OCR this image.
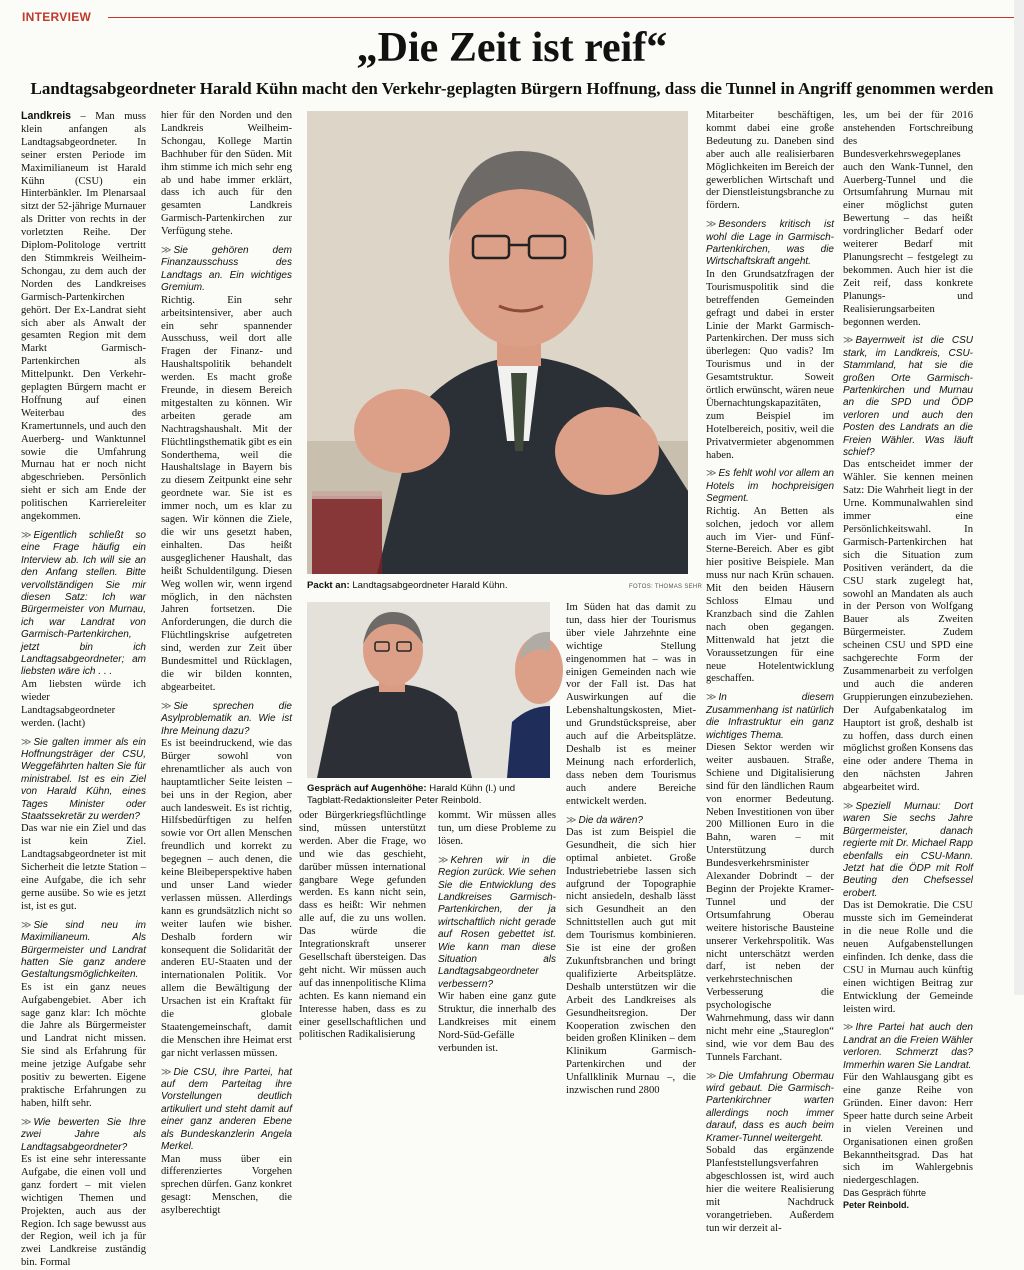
INTERVIEW
„Die Zeit ist reif“
Landtagsabgeordneter Harald Kühn macht den Verkehr-geplagten Bürgern Hoffnung, dass die Tunnel in Angriff genommen werden

Landkreis – Man muss klein anfangen als Landtagsabgeordneter. In seiner ersten Periode im Maximilianeum ist Harald Kühn (CSU) ein Hinterbänkler. Im Plenarsaal sitzt der 52-jährige Murnauer als Dritter von rechts in der vorletzten Reihe. Der Diplom-Politologe vertritt den Stimmkreis Weilheim-Schongau, zu dem auch der Norden des Landkreises Garmisch-Partenkirchen gehört. Der Ex-Landrat sieht sich aber als Anwalt der gesamten Region mit dem Markt Garmisch-Partenkirchen als Mittelpunkt. Den Verkehr-geplagten Bürgern macht er Hoffnung auf einen Weiterbau des Kramertunnels, und auch den Auerberg- und Wanktunnel sowie die Umfahrung Murnau hat er noch nicht abgeschrieben. Persönlich sieht er sich am Ende der politischen Karriereleiter angekommen.

≫ Eigentlich schließt so eine Frage häufig ein Interview ab. Ich will sie an den Anfang stellen. Bitte vervollständigen Sie mir diesen Satz: Ich war Bürgermeister von Murnau, ich war Landrat von Garmisch-Partenkirchen, jetzt bin ich Landtagsabgeordneter; am liebsten wäre ich . . .

Am liebsten würde ich wieder Landtagsabgeordneter werden. (lacht)

≫ Sie galten immer als ein Hoffnungsträger der CSU, Weggefährten halten Sie für ministrabel. Ist es ein Ziel von Harald Kühn, eines Tages Minister oder Staatssekretär zu werden?

Das war nie ein Ziel und das ist kein Ziel. Landtagsabgeordneter ist mit Sicherheit die letzte Station – eine Aufgabe, die ich sehr gerne ausübe. So wie es jetzt ist, ist es gut.

≫ Sie sind neu im Maximilianeum. Als Bürgermeister und Landrat hatten Sie ganz andere Gestaltungsmöglichkeiten.

Es ist ein ganz neues Aufgabengebiet. Aber ich sage ganz klar: Ich möchte die Jahre als Bürgermeister und Landrat nicht missen. Sie sind als Erfahrung für meine jetzige Aufgabe sehr positiv zu bewerten. Eigene praktische Erfahrungen zu haben, hilft sehr.

≫ Wie bewerten Sie Ihre zwei Jahre als Landtagsabgeordneter?

Es ist eine sehr interessante Aufgabe, die einen voll und ganz fordert – mit vielen wichtigen Themen und Projekten, auch aus der Region. Ich sage bewusst aus der Region, weil ich ja für zwei Landkreise zuständig bin. Formal

hier für den Norden und den Landkreis Weilheim-Schongau, Kollege Martin Bachhuber für den Süden. Mit ihm stimme ich mich sehr eng ab und habe immer erklärt, dass ich auch für den gesamten Landkreis Garmisch-Partenkirchen zur Verfügung stehe.

≫ Sie gehören dem Finanzausschuss des Landtags an. Ein wichtiges Gremium.

Richtig. Ein sehr arbeitsintensiver, aber auch ein sehr spannender Ausschuss, weil dort alle Fragen der Finanz- und Haushaltspolitik behandelt werden. Es macht große Freunde, in diesem Bereich mitgestalten zu können. Wir arbeiten gerade am Nachtragshaushalt. Mit der Flüchtlingsthematik gibt es ein Sonderthema, weil die Haushaltslage in Bayern bis zu diesem Zeitpunkt eine sehr geordnete war. Sie ist es immer noch, um es klar zu sagen. Wir können die Ziele, die wir uns gesetzt haben, einhalten. Das heißt ausgeglichener Haushalt, das heißt Schuldentilgung. Diesen Weg wollen wir, wenn irgend möglich, in den nächsten Jahren fortsetzen. Die Anforderungen, die durch die Flüchtlingskrise aufgetreten sind, werden zur Zeit über Bundesmittel und Rücklagen, die wir bilden konnten, abgearbeitet.

≫ Sie sprechen die Asylproblematik an. Wie ist Ihre Meinung dazu?

Es ist beeindruckend, wie das Bürger sowohl von ehrenamtlicher als auch von hauptamtlicher Seite leisten – bei uns in der Region, aber auch landesweit. Es ist richtig, Hilfsbedürftigen zu helfen sowie vor Ort allen Menschen freundlich und korrekt zu begegnen – auch denen, die keine Bleibeperspektive haben und unser Land wieder verlassen müssen. Allerdings kann es grundsätzlich nicht so weiter laufen wie bisher. Deshalb fordern wir konsequent die Solidarität der anderen EU-Staaten und der internationalen Politik. Vor allem die Bewältigung der Ursachen ist ein Kraftakt für die globale Staatengemeinschaft, damit die Menschen ihre Heimat erst gar nicht verlassen müssen.

≫ Die CSU, ihre Partei, hat auf dem Parteitag ihre Vorstellungen deutlich artikuliert und steht damit auf einer ganz anderen Ebene als Bundeskanzlerin Angela Merkel.

Man muss über ein differenziertes Vorgehen sprechen dürfen. Ganz konkret gesagt: Menschen, die asylberechtigt

Packt an: Landtagsabgeordneter Harald Kühn.	FOTOS: THOMAS SEHR
Gespräch auf Augenhöhe: Harald Kühn (l.) und Tagblatt-Redaktionsleiter Peter Reinbold.

oder Bürgerkriegsflüchtlinge sind, müssen unterstützt werden. Aber die Frage, wo und wie das geschieht, darüber müssen international gangbare Wege gefunden werden. Es kann nicht sein, dass es heißt: Wir nehmen alle auf, die zu uns wollen. Das würde die Integrationskraft unserer Gesellschaft übersteigen. Das geht nicht. Wir müssen auch auf das innenpolitische Klima achten. Es kann niemand ein Interesse haben, dass es zu einer gesellschaftlichen und politischen Radikalisierung

kommt. Wir müssen alles tun, um diese Probleme zu lösen.

≫ Kehren wir in die Region zurück. Wie sehen Sie die Entwicklung des Landkreises Garmisch-Partenkirchen, der ja wirtschaftlich nicht gerade auf Rosen gebettet ist. Wie kann man diese Situation als Landtagsabgeordneter verbessern?

Wir haben eine ganz gute Struktur, die innerhalb des Landkreises mit einem Nord-Süd-Gefälle verbunden ist.

Im Süden hat das damit zu tun, dass hier der Tourismus über viele Jahrzehnte eine wichtige Stellung eingenommen hat – was in einigen Gemeinden nach wie vor der Fall ist. Das hat Auswirkungen auf die Lebenshaltungskosten, Miet- und Grundstückspreise, aber auch auf die Arbeitsplätze. Deshalb ist es meiner Meinung nach erforderlich, dass neben dem Tourismus auch andere Bereiche entwickelt werden.

≫ Die da wären?

Das ist zum Beispiel die Gesundheit, die sich hier optimal anbietet. Große Industriebetriebe lassen sich aufgrund der Topographie nicht ansiedeln, deshalb lässt sich Gesundheit an den Schnittstellen auch gut mit dem Tourismus kombinieren. Sie ist eine der großen Zukunftsbranchen und bringt qualifizierte Arbeitsplätze. Deshalb unterstützen wir die Arbeit des Landkreises als Gesundheitsregion. Der Kooperation zwischen den beiden großen Kliniken – dem Klinikum Garmisch-Partenkirchen und der Unfallklinik Murnau –, die inzwischen rund 2800

Mitarbeiter beschäftigen, kommt dabei eine große Bedeutung zu. Daneben sind aber auch alle realisierbaren Möglichkeiten im Bereich der gewerblichen Wirtschaft und der Dienstleistungsbranche zu fördern.

≫ Besonders kritisch ist wohl die Lage in Garmisch-Partenkirchen, was die Wirtschaftskraft angeht.

In den Grundsatzfragen der Tourismuspolitik sind die betreffenden Gemeinden gefragt und dabei in erster Linie der Markt Garmisch-Partenkirchen. Der muss sich überlegen: Quo vadis? Im Tourismus und in der Gesamtstruktur. Soweit örtlich erwünscht, wären neue Übernachtungskapazitäten, zum Beispiel im Hotelbereich, positiv, weil die Privatvermieter abgenommen haben.

≫ Es fehlt wohl vor allem an Hotels im hochpreisigen Segment.

Richtig. An Betten als solchen, jedoch vor allem auch im Vier- und Fünf-Sterne-Bereich. Aber es gibt hier positive Beispiele. Man muss nur nach Krün schauen. Mit den beiden Häusern Schloss Elmau und Kranzbach sind die Zahlen nach oben gegangen. Mittenwald hat jetzt die Voraussetzungen für eine neue Hotelentwicklung geschaffen.

≫ In diesem Zusammenhang ist natürlich die Infrastruktur ein ganz wichtiges Thema.

Diesen Sektor werden wir weiter ausbauen. Straße, Schiene und Digitalisierung sind für den ländlichen Raum von enormer Bedeutung. Neben Investitionen von über 200 Millionen Euro in die Bahn, waren – mit Unterstützung durch Bundesverkehrsminister Alexander Dobrindt – der Beginn der Projekte Kramer-Tunnel und der Ortsumfahrung Oberau weitere historische Bausteine unserer Verkehrspolitik. Was nicht unterschätzt werden darf, ist neben der verkehrstechnischen Verbesserung die psychologische Wahrnehmung, dass wir dann nicht mehr eine „Staureglon“ sind, wie vor dem Bau des Tunnels Farchant.

≫ Die Umfahrung Obermau wird gebaut. Die Garmisch-Partenkirchner warten allerdings noch immer darauf, dass es auch beim Kramer-Tunnel weitergeht.

Sobald das ergänzende Planfeststellungsverfahren abgeschlossen ist, wird auch hier die weitere Realisierung mit Nachdruck vorangetrieben. Außerdem tun wir derzeit al-

les, um bei der für 2016 anstehenden Fortschreibung des Bundesverkehrswegeplanes auch den Wank-Tunnel, den Auerberg-Tunnel und die Ortsumfahrung Murnau mit einer möglichst guten Bewertung – das heißt vordringlicher Bedarf oder weiterer Bedarf mit Planungsrecht – festgelegt zu bekommen. Auch hier ist die Zeit reif, dass konkrete Planungs- und Realisierungsarbeiten begonnen werden.

≫ Bayernweit ist die CSU stark, im Landkreis, CSU-Stammland, hat sie die großen Orte Garmisch-Partenkirchen und Murnau an die SPD und ÖDP verloren und auch den Posten des Landrats an die Freien Wähler. Was läuft schief?

Das entscheidet immer der Wähler. Sie kennen meinen Satz: Die Wahrheit liegt in der Urne. Kommunalwahlen sind immer eine Persönlichkeitswahl. In Garmisch-Partenkirchen hat sich die Situation zum Positiven verändert, da die CSU stark zugelegt hat, sowohl an Mandaten als auch in der Person von Wolfgang Bauer als Zweiten Bürgermeister. Zudem scheinen CSU und SPD eine sachgerechte Form der Zusammenarbeit zu verfolgen und auch die anderen Gruppierungen einzubeziehen. Der Aufgabenkatalog im Hauptort ist groß, deshalb ist zu hoffen, dass durch einen möglichst großen Konsens das eine oder andere Thema in den nächsten Jahren abgearbeitet wird.

≫ Speziell Murnau: Dort waren Sie sechs Jahre Bürgermeister, danach regierte mit Dr. Michael Rapp ebenfalls ein CSU-Mann. Jetzt hat die ÖDP mit Rolf Beuting den Chefsessel erobert.

Das ist Demokratie. Die CSU musste sich im Gemeinderat in die neue Rolle und die neuen Aufgabenstellungen einfinden. Ich denke, dass die CSU in Murnau auch künftig einen wichtigen Beitrag zur Entwicklung der Gemeinde leisten wird.

≫ Ihre Partei hat auch den Landrat an die Freien Wähler verloren. Schmerzt das? Immerhin waren Sie Landrat.

Für den Wahlausgang gibt es eine ganze Reihe von Gründen. Einer davon: Herr Speer hatte durch seine Arbeit in vielen Vereinen und Organisationen einen großen Bekanntheitsgrad. Das hat sich im Wahlergebnis niedergeschlagen.

Das Gespräch führte
Peter Reinbold.
